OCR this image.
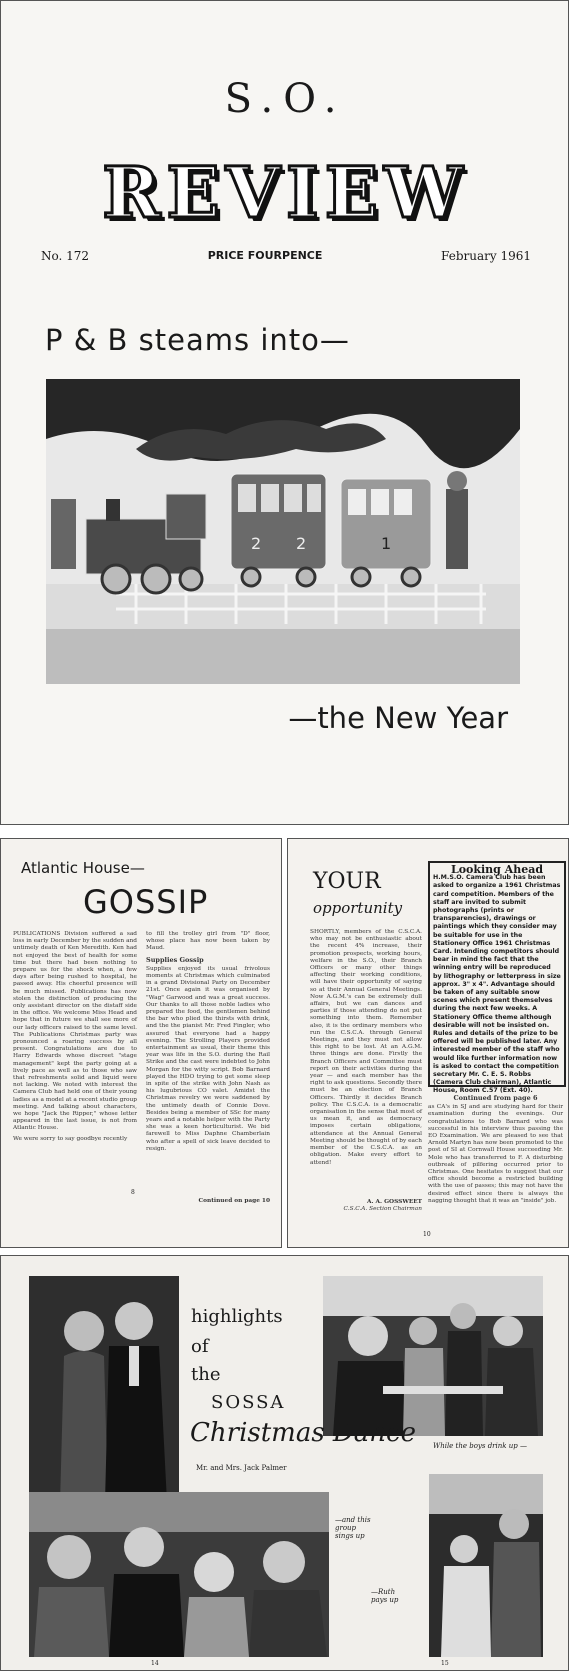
S.O.
REVIEW
No. 172	PRICE FOURPENCE	February 1961
P & B steams into—
2 2	1
—the New Year
Atlantic House—
GOSSIP
PUBLICATIONS Division suffered a sad loss in early December by the sudden and untimely death of Ken Meredith. Ken had not enjoyed the best of health for some time but there had been nothing to prepare us for the shock when, a few days after being rushed to hospital, he passed away. His cheerful presence will be much missed. Publications has now stolen the distinction of producing the only assistant director on the distaff side in the office. We welcome Miss Head and hope that in future we shall see more of our lady officers raised to the same level. The Publications Christmas party was pronounced a roaring success by all present. Congratulations are due to Harry Edwards whose discreet "stage management" kept the party going at a lively pace as well as to those who saw that refreshments solid and liquid were not lacking. We noted with interest the Camera Club had held one of their young ladies as a model at a recent studio group meeting. And talking about characters, we hope "Jack the Ripper," whose letter appeared in the last issue, is not from Atlantic House.
We were sorry to say goodbye recently
to fill the trolley girl from "D" floor, whose place has now been taken by Maud.
Supplies Gossip
Supplies enjoyed its usual frivolous moments at Christmas which culminated in a grand Divisional Party on December 21st. Once again it was organised by "Wag" Garwood and was a great success. Our thanks to all those noble ladies who prepared the food, the gentlemen behind the bar who plied the thirsts with drink, and the the pianist Mr. Fred Fingler, who assured that everyone had a happy evening. The Strolling Players provided entertainment as usual, their theme this year was life in the S.O. during the Rail Strike and the cast were indebted to John Morgan for the witty script. Bob Barnard played the HDO trying to get some sleep in spite of the strike with John Nash as his lugubrious CO valet. Amidst the Christmas revelry we were saddened by the untimely death of Connie Dove. Besides being a member of SSc for many years and a notable helper with the Party she was a keen horticulturist. We bid farewell to Miss Daphne Chamberlain who after a spell of sick leave decided to resign.
Continued on page 10
8
YOUR
opportunity
SHORTLY, members of the C.S.C.A. who may not be enthusiastic about the recent 4% increase, their promotion prospects, working hours, welfare in the S.O., their Branch Officers or many other things affecting their working conditions, will have their opportunity of saying so at their Annual General Meetings. Now A.G.M.'s can be extremely dull affairs, but we can dances and parties if those attending do not put something into them. Remember also, it is the ordinary members who run the C.S.C.A. through General Meetings, and they must not allow this right to be lost. At an A.G.M. three things are done. Firstly the Branch Officers and Committee must report on their activities during the year — and each member has the right to ask questions. Secondly there must be an election of Branch Officers. Thirdly it decides Branch policy. The C.S.C.A. is a democratic organisation in the sense that most of us mean it, and as democracy imposes certain obligations, attendance at the Annual General Meeting should be thought of by each member of the C.S.C.A. as an obligation. Make every effort to attend!
A. A. GOSSWEET
C.S.C.A. Section Chairman
Looking Ahead
H.M.S.O. Camera Club has been asked to organize a 1961 Christmas card competition. Members of the staff are invited to submit photographs (prints or transparencies), drawings or paintings which they consider may be suitable for use in the Stationery Office 1961 Christmas Card. Intending competitors should bear in mind the fact that the winning entry will be reproduced by lithography or letterpress in size approx. 3" x 4". Advantage should be taken of any suitable snow scenes which present themselves during the next few weeks. A Stationery Office theme although desirable will not be insisted on. Rules and details of the prize to be offered will be published later. Any interested member of the staff who would like further information now is asked to contact the competition secretary Mr. C. E. S. Robbs (Camera Club chairman), Atlantic House, Room C.57 (Ext. 40).
Continued from page 6
as CA's in SJ and are studying hard for their examination during the evenings. Our congratulations to Bob Barnard who was successful in his interview thus passing the EO Examination. We are pleased to see that Arnold Martyn has now been promoted to the post of SI at Cornwall House succeeding Mr. Mole who has transferred to F. A disturbing outbreak of pilfering occurred prior to Christmas. One hesitates to suggest that our office should become a restricted building with the use of passes; this may not have the desired effect since there is always the nagging thought that it was an "inside" job.
10
highlights
of
the
SOSSA
While the boys drink up —
Mr. and Mrs. Jack Palmer
—and this group sings up
—Ruth pays up
14	15
Christmas Dance
